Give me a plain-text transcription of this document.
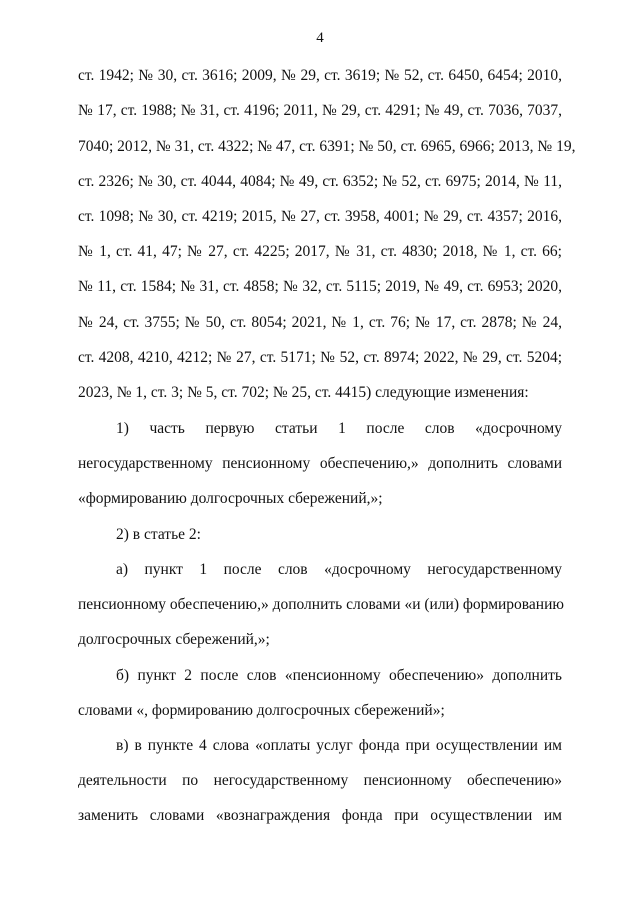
4
ст. 1942; № 30, ст. 3616; 2009, № 29, ст. 3619; № 52, ст. 6450, 6454; 2010,
№ 17, ст. 1988; № 31, ст. 4196; 2011, № 29, ст. 4291; № 49, ст. 7036, 7037,
7040; 2012, № 31, ст. 4322; № 47, ст. 6391; № 50, ст. 6965, 6966; 2013, № 19,
ст. 2326; № 30, ст. 4044, 4084; № 49, ст. 6352; № 52, ст. 6975; 2014, № 11,
ст. 1098; № 30, ст. 4219; 2015, № 27, ст. 3958, 4001; № 29, ст. 4357; 2016,
№ 1, ст. 41, 47; № 27, ст. 4225; 2017, № 31, ст. 4830; 2018, № 1, ст. 66;
№ 11, ст. 1584; № 31, ст. 4858; № 32, ст. 5115; 2019, № 49, ст. 6953; 2020,
№ 24, ст. 3755; № 50, ст. 8054; 2021, № 1, ст. 76; № 17, ст. 2878; № 24,
ст. 4208, 4210, 4212; № 27, ст. 5171; № 52, ст. 8974; 2022, № 29, ст. 5204;
2023, № 1, ст. 3; № 5, ст. 702; № 25, ст. 4415) следующие изменения:
1) часть первую статьи 1 после слов «досрочному
негосударственному пенсионному обеспечению,» дополнить словами
«формированию долгосрочных сбережений,»;
2) в статье 2:
а) пункт 1 после слов «досрочному негосударственному
пенсионному обеспечению,» дополнить словами «и (или) формированию
долгосрочных сбережений,»;
б) пункт 2 после слов «пенсионному обеспечению» дополнить
словами «, формированию долгосрочных сбережений»;
в) в пункте 4 слова «оплаты услуг фонда при осуществлении им
деятельности по негосударственному пенсионному обеспечению»
заменить словами «вознаграждения фонда при осуществлении им
